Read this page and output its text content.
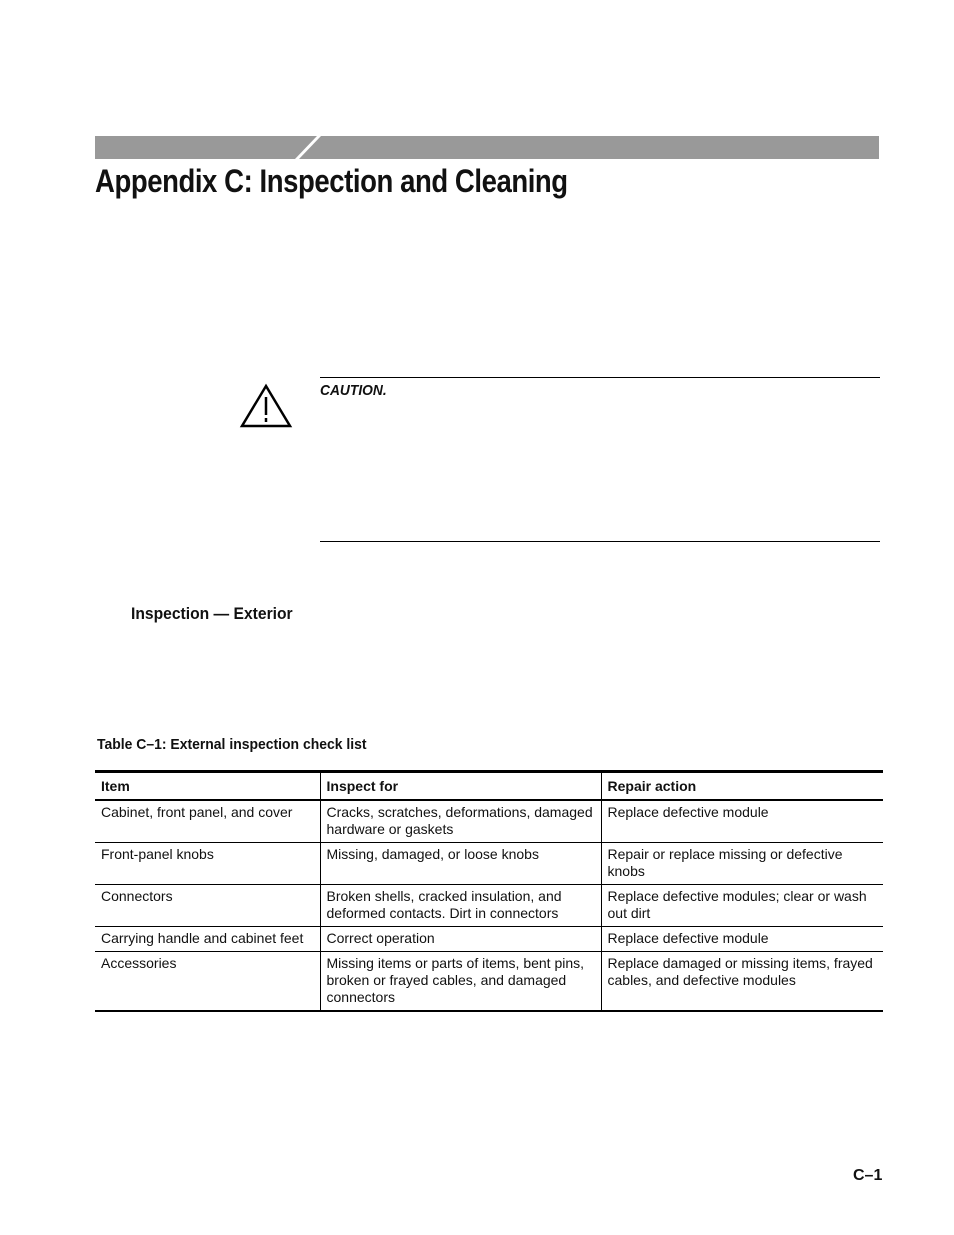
Appendix C: Inspection and Cleaning
CAUTION.
Inspection — Exterior
Table C–1: External inspection check list
Item	Inspect for	Repair action
Cabinet, front panel, and cover	Cracks, scratches, deformations, damaged hardware or gaskets	Replace defective module
Front-panel knobs	Missing, damaged, or loose knobs	Repair or replace missing or defective knobs
Connectors	Broken shells, cracked insulation, and deformed contacts. Dirt in connectors	Replace defective modules; clear or wash out dirt
Carrying handle and cabinet feet	Correct operation	Replace defective module
Accessories	Missing items or parts of items, bent pins, broken or frayed cables, and damaged connectors	Replace damaged or missing items, frayed cables, and defective modules
C–1
